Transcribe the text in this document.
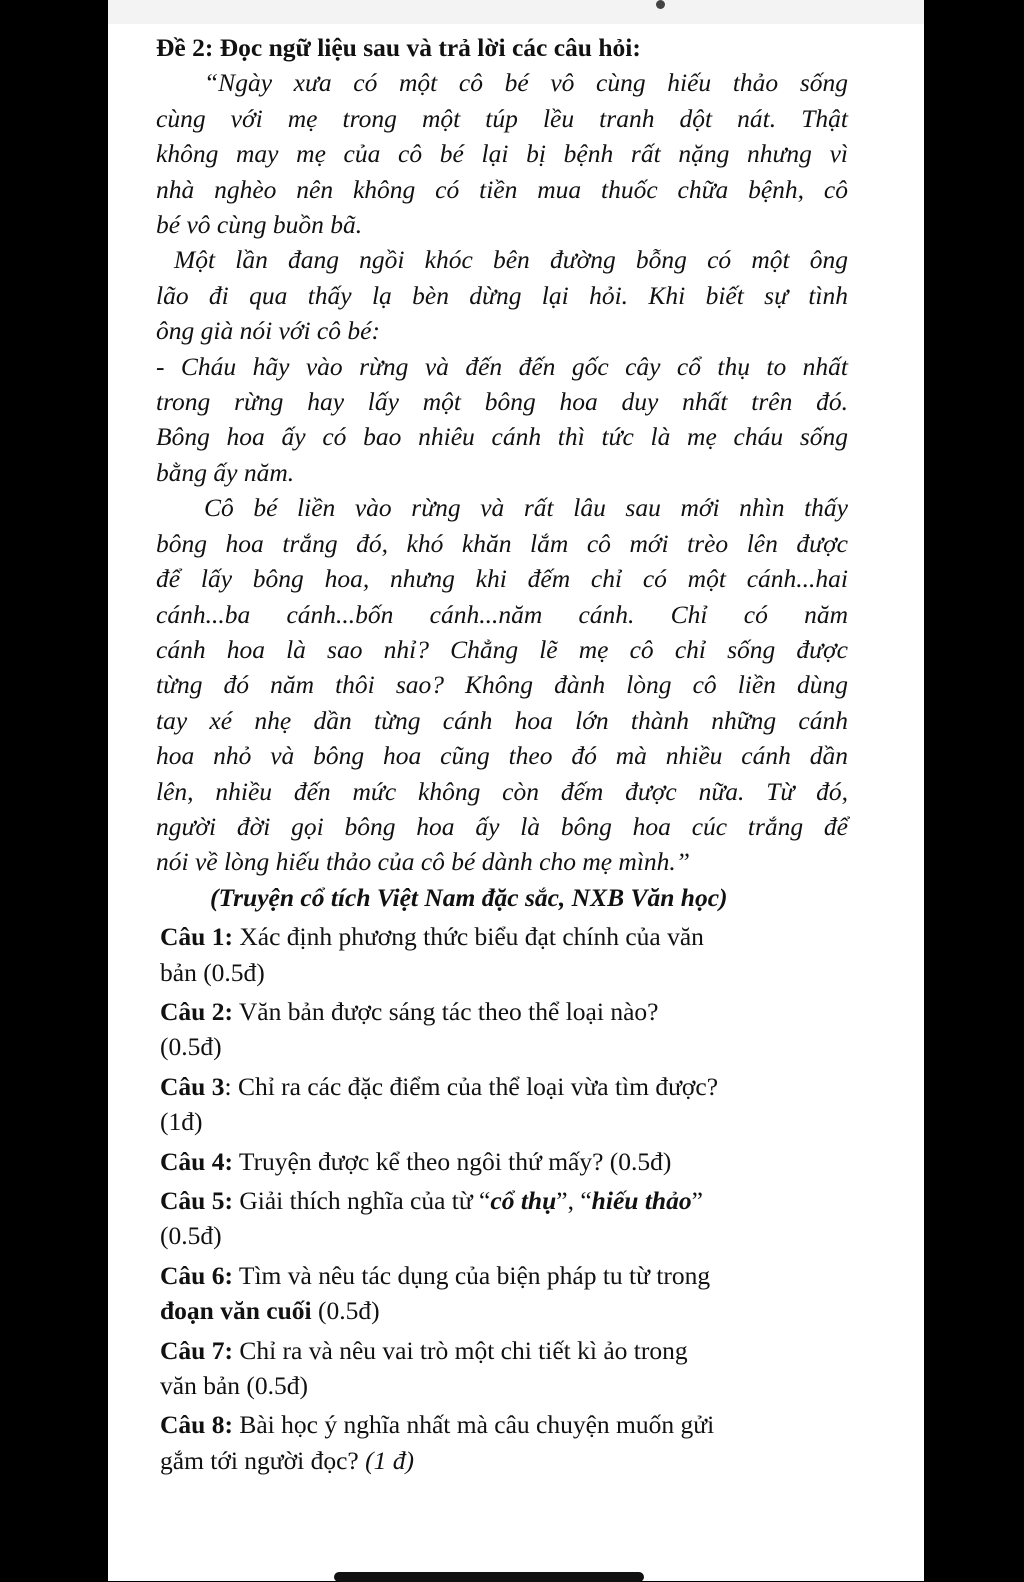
Đề 2: Đọc ngữ liệu sau và trả lời các câu hỏi:
“Ngày xưa có một cô bé vô cùng hiếu thảo sống
cùng với mẹ trong một túp lều tranh dột nát. Thật
không may mẹ của cô bé lại bị bệnh rất nặng nhưng vì
nhà nghèo nên không có tiền mua thuốc chữa bệnh, cô
bé vô cùng buồn bã.
Một lần đang ngồi khóc bên đường bỗng có một ông
lão đi qua thấy lạ bèn dừng lại hỏi. Khi biết sự tình
ông già nói với cô bé:
- Cháu hãy vào rừng và đến đến gốc cây cổ thụ to nhất
trong rừng hay lấy một bông hoa duy nhất trên đó.
Bông hoa ấy có bao nhiêu cánh thì tức là mẹ cháu sống
bằng ấy năm.
Cô bé liền vào rừng và rất lâu sau mới nhìn thấy
bông hoa trắng đó, khó khăn lắm cô mới trèo lên được
để lấy bông hoa, nhưng khi đếm chỉ có một cánh...hai
cánh...ba cánh...bốn cánh...năm cánh. Chỉ có năm
cánh hoa là sao nhỉ? Chẳng lẽ mẹ cô chỉ sống được
từng đó năm thôi sao? Không đành lòng cô liền dùng
tay xé nhẹ dần từng cánh hoa lớn thành những cánh
hoa nhỏ và bông hoa cũng theo đó mà nhiều cánh dần
lên, nhiều đến mức không còn đếm được nữa. Từ đó,
người đời gọi bông hoa ấy là bông hoa cúc trắng để
nói về lòng hiếu thảo của cô bé dành cho mẹ mình.”
(Truyện cổ tích Việt Nam đặc sắc, NXB Văn học)
Câu 1: Xác định phương thức biểu đạt chính của văn
bản (0.5đ)
Câu 2: Văn bản được sáng tác theo thể loại nào?
(0.5đ)
Câu 3: Chỉ ra các đặc điểm của thể loại vừa tìm được?
(1đ)
Câu 4: Truyện được kể theo ngôi thứ mấy? (0.5đ)
Câu 5: Giải thích nghĩa của từ “cổ thụ”, “hiếu thảo”
(0.5đ)
Câu 6: Tìm và nêu tác dụng của biện pháp tu từ trong
đoạn văn cuối (0.5đ)
Câu 7: Chỉ ra và nêu vai trò một chi tiết kì ảo trong
văn bản (0.5đ)
Câu 8: Bài học ý nghĩa nhất mà câu chuyện muốn gửi
gắm tới người đọc? (1 đ)
